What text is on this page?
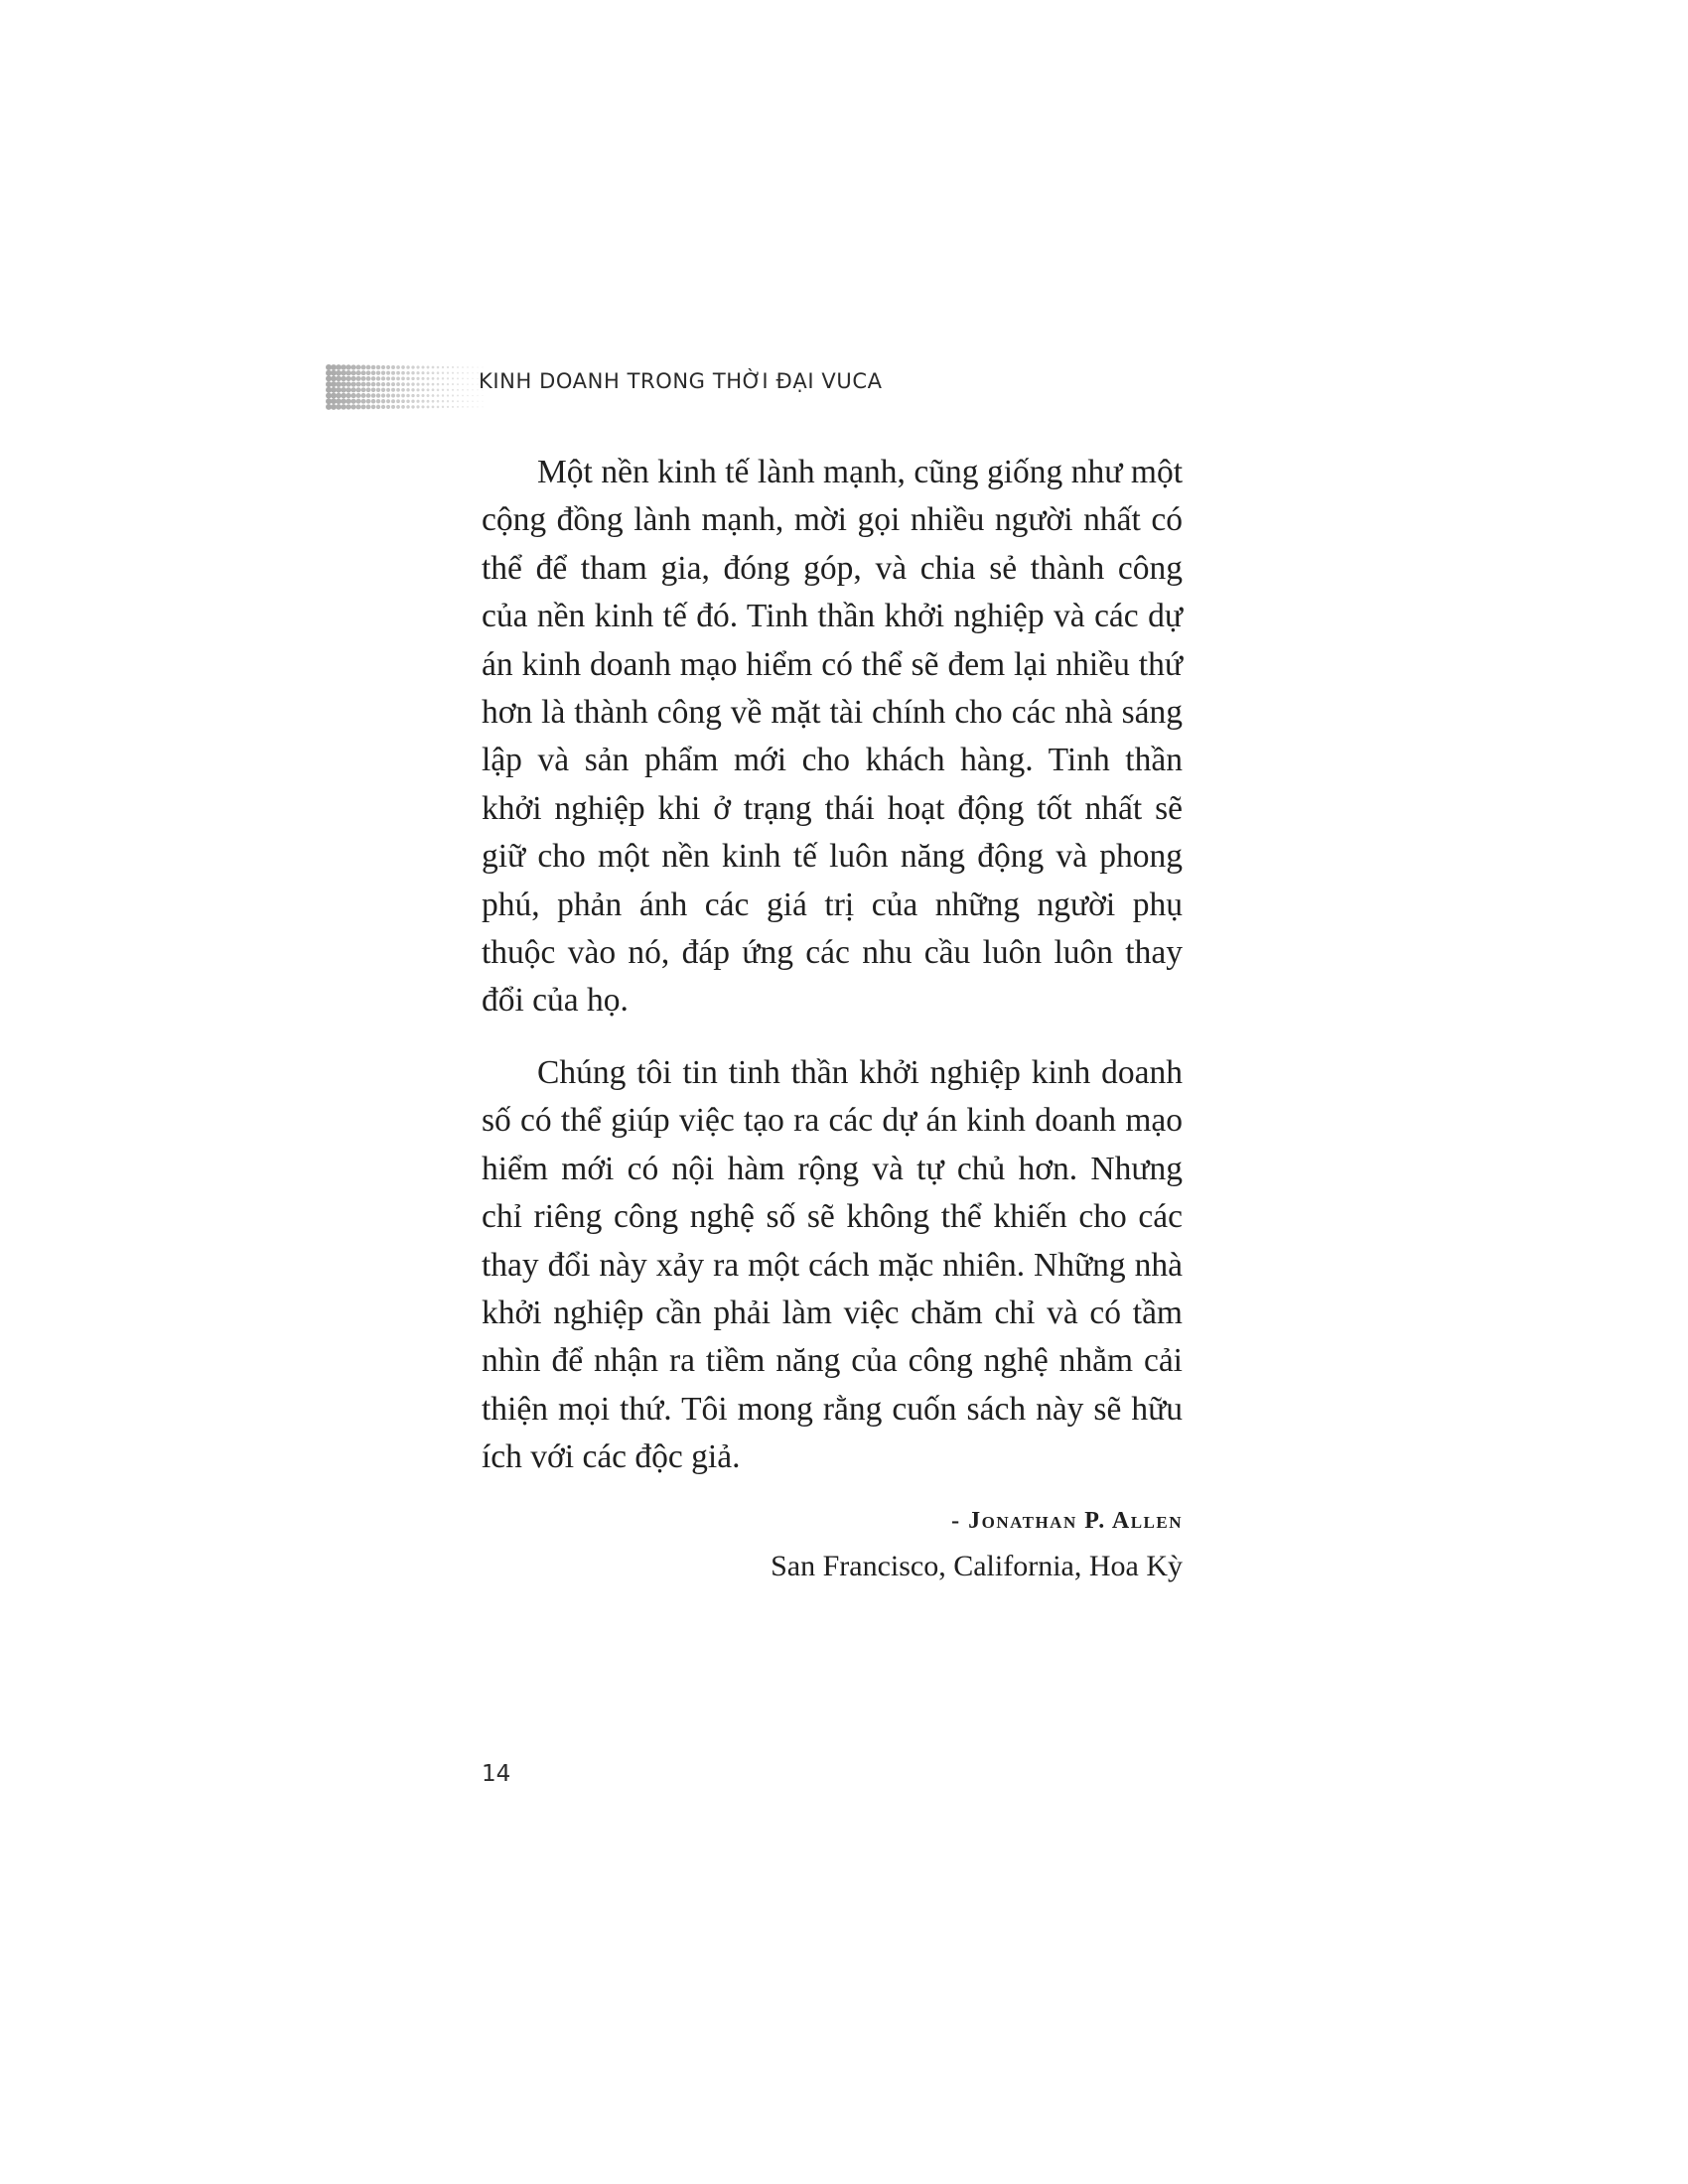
KINH DOANH TRONG THỜI ĐẠI VUCA

Một nền kinh tế lành mạnh, cũng giống như một cộng đồng lành mạnh, mời gọi nhiều người nhất có thể để tham gia, đóng góp, và chia sẻ thành công của nền kinh tế đó. Tinh thần khởi nghiệp và các dự án kinh doanh mạo hiểm có thể sẽ đem lại nhiều thứ hơn là thành công về mặt tài chính cho các nhà sáng lập và sản phẩm mới cho khách hàng. Tinh thần khởi nghiệp khi ở trạng thái hoạt động tốt nhất sẽ giữ cho một nền kinh tế luôn năng động và phong phú, phản ánh các giá trị của những người phụ thuộc vào nó, đáp ứng các nhu cầu luôn luôn thay đổi của họ.

Chúng tôi tin tinh thần khởi nghiệp kinh doanh số có thể giúp việc tạo ra các dự án kinh doanh mạo hiểm mới có nội hàm rộng và tự chủ hơn. Nhưng chỉ riêng công nghệ số sẽ không thể khiến cho các thay đổi này xảy ra một cách mặc nhiên. Những nhà khởi nghiệp cần phải làm việc chăm chỉ và có tầm nhìn để nhận ra tiềm năng của công nghệ nhằm cải thiện mọi thứ. Tôi mong rằng cuốn sách này sẽ hữu ích với các độc giả.

- Jonathan P. Allen
San Francisco, California, Hoa Kỳ
14
